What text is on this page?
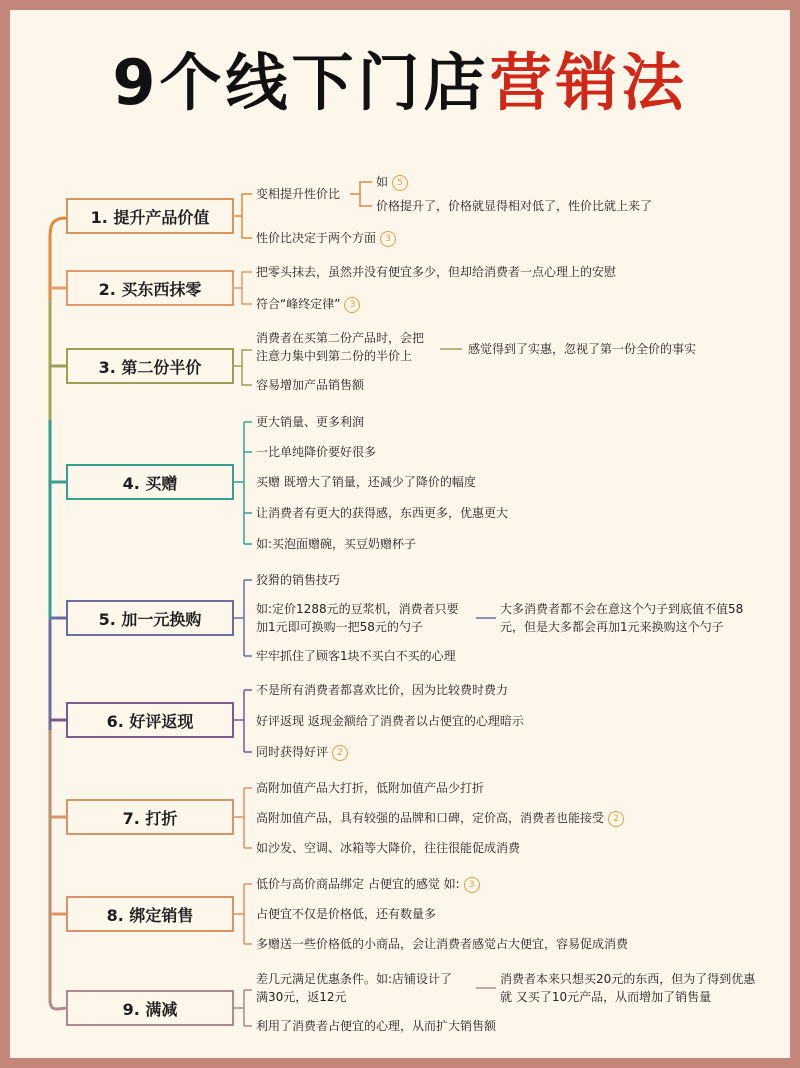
9个线下门店营销法
1. 提升产品价值
变相提升性价比
如 5
价格提升了，价格就显得相对低了，性价比就上来了
性价比决定于两个方面 3
2. 买东西抹零
把零头抹去，虽然并没有便宜多少，但却给消费者一点心理上的安慰
符合“峰终定律” 3
3. 第二份半价
消费者在买第二份产品时，会把
注意力集中到第二份的半价上	感觉得到了实惠，忽视了第一份全价的事实
容易增加产品销售额
4. 买赠
更大销量、更多利润
一比单纯降价要好很多
买赠 既增大了销量，还减少了降价的幅度
让消费者有更大的获得感，东西更多，优惠更大
如:买泡面赠碗，买豆奶赠杯子
5. 加一元换购
狡猾的销售技巧
如:定价1288元的豆浆机，消费者只要
加1元即可换购一把58元的勺子
大多消费者都不会在意这个勺子到底值不值58
元，但是大多都会再加1元来换购这个勺子
牢牢抓住了顾客1块不买白不买的心理
6. 好评返现
不是所有消费者都喜欢比价，因为比较费时费力
好评返现 返现金额给了消费者以占便宜的心理暗示
同时获得好评 2
7. 打折
高附加值产品大打折，低附加值产品少打折
高附加值产品，具有较强的品牌和口碑，定价高，消费者也能接受 2
如沙发、空调、冰箱等大降价，往往很能促成消费
8. 绑定销售
低价与高价商品绑定 占便宜的感觉 如: 3
占便宜不仅是价格低，还有数量多
多赠送一些价格低的小商品，会让消费者感觉占大便宜，容易促成消费
9. 满减
差几元满足优惠条件。如:店铺设计了
满30元，返12元
消费者本来只想买20元的东西，但为了得到优惠
就 又买了10元产品，从而增加了销售量
利用了消费者占便宜的心理，从而扩大销售额
